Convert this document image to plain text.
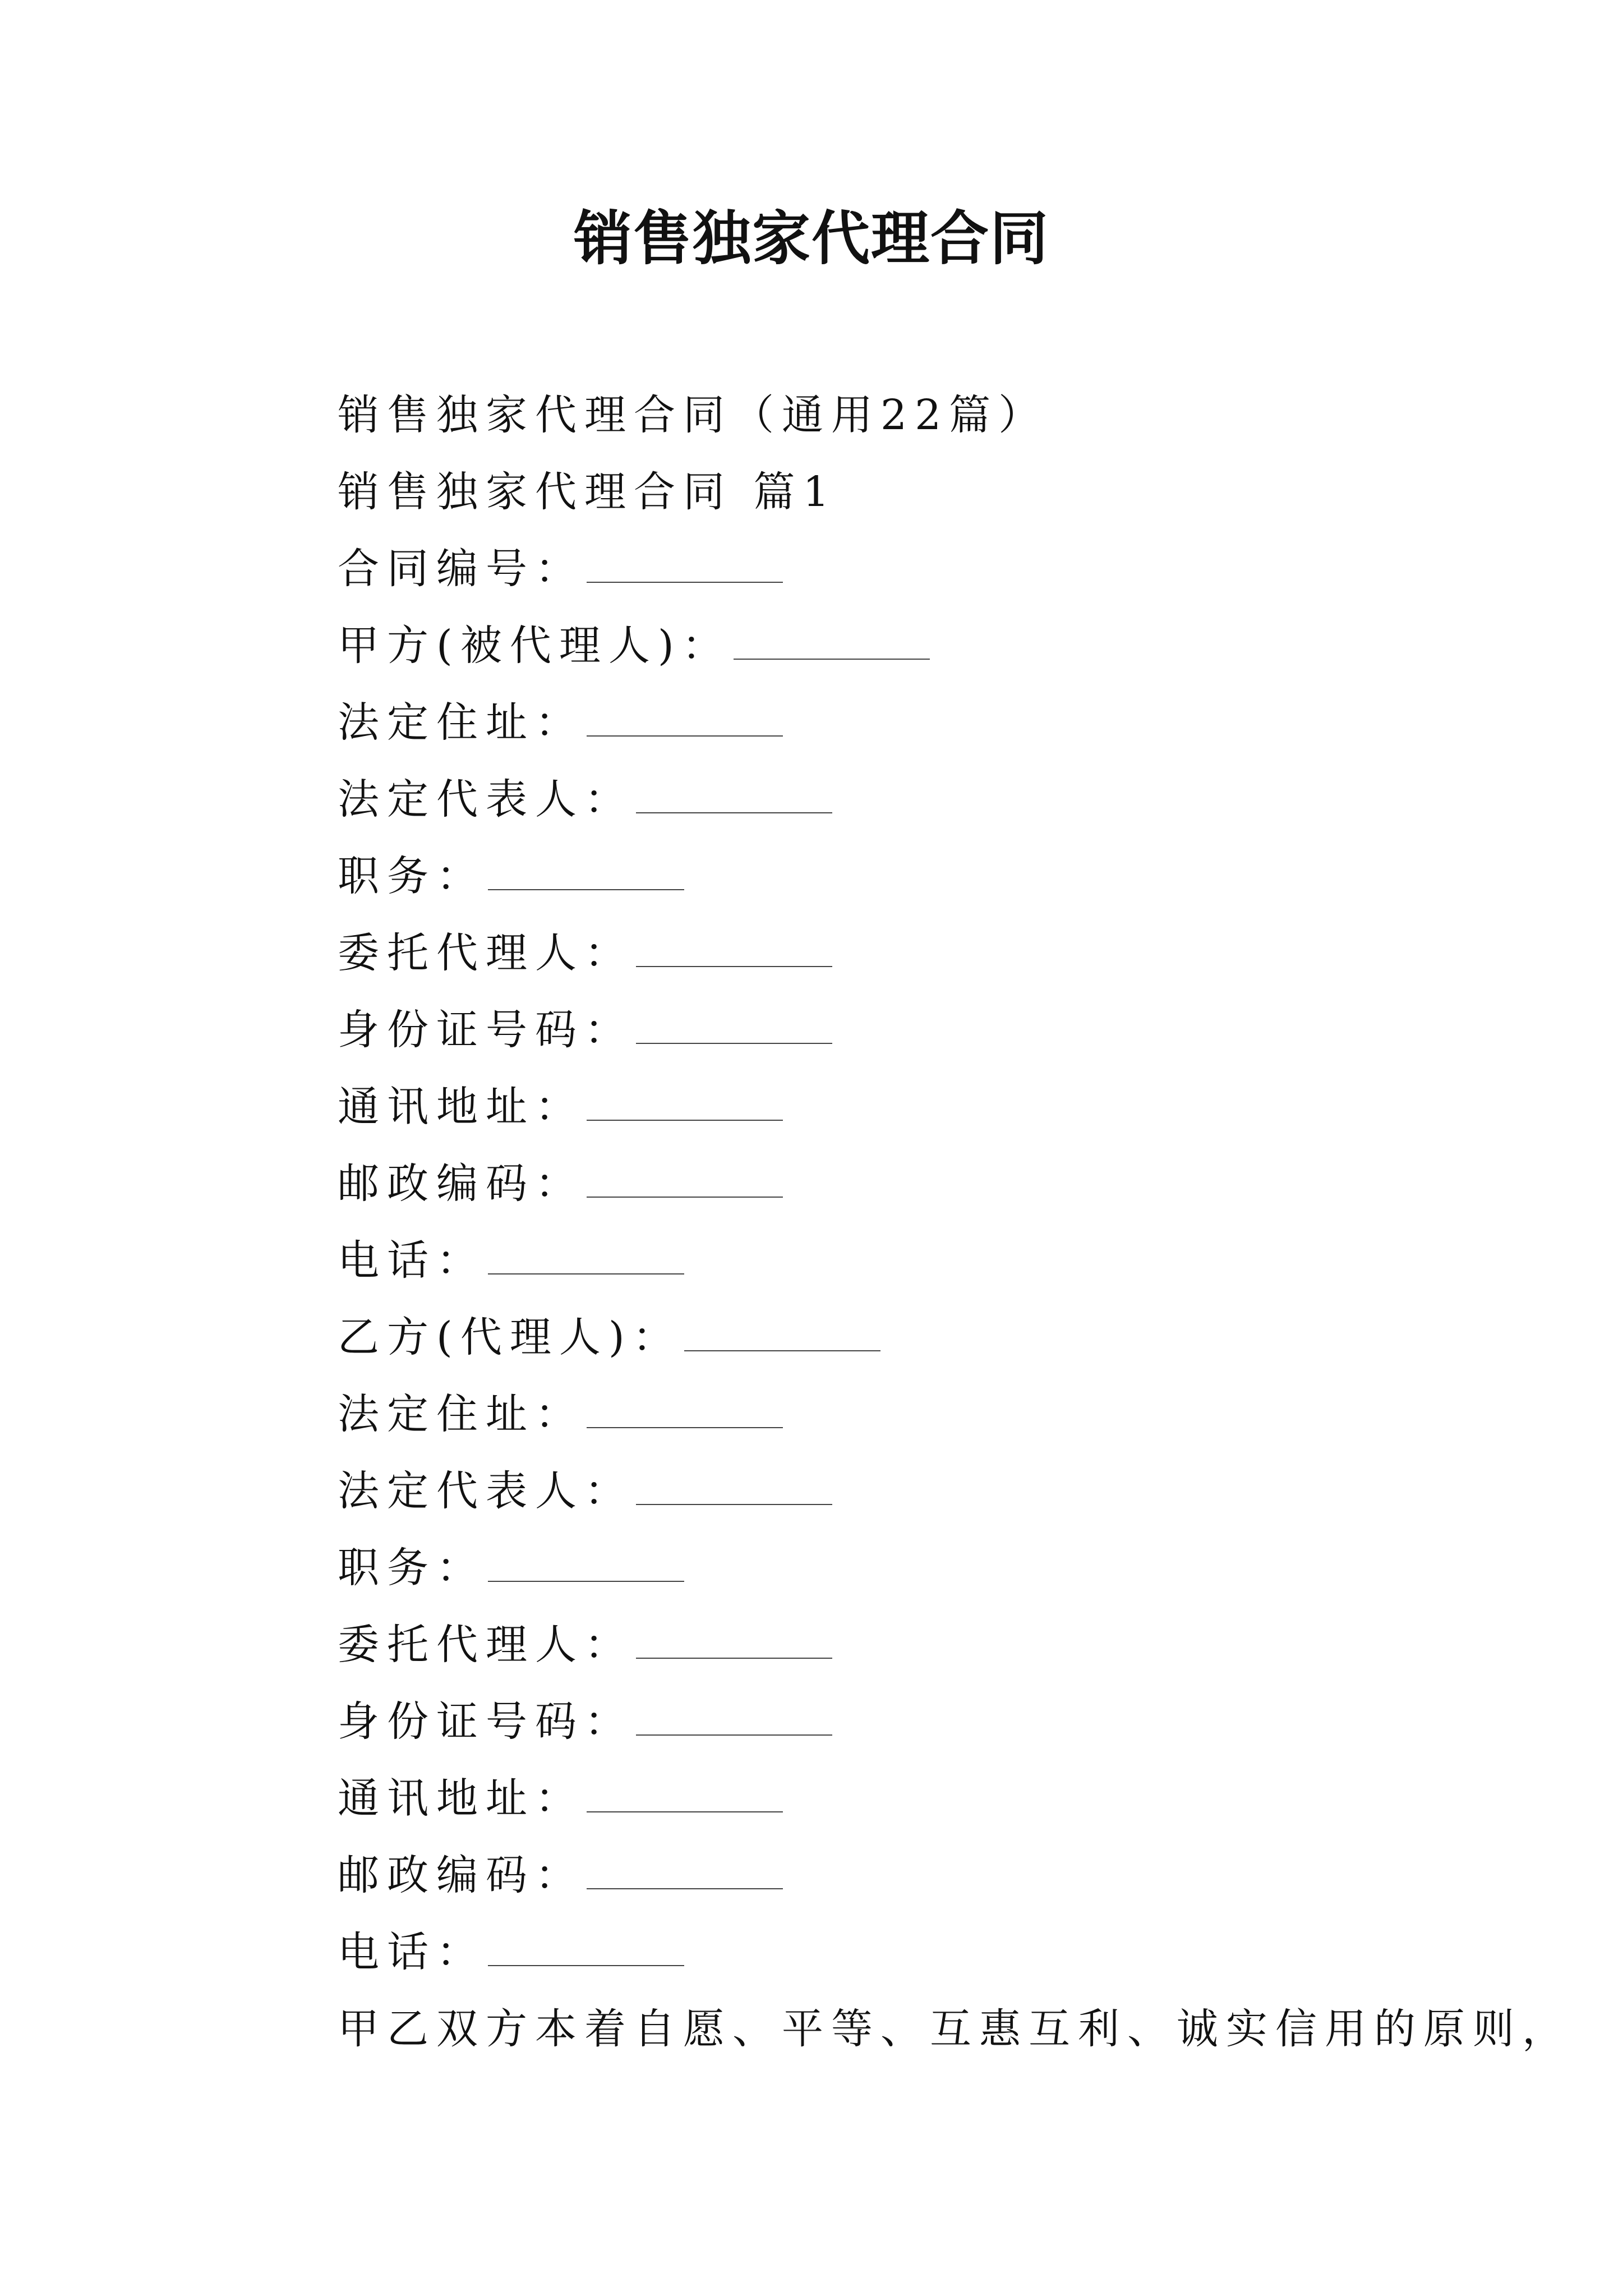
销售独家代理合同
销售独家代理合同（通用22篇）
销售独家代理合同 篇1
合同编号：
甲方(被代理人)：
法定住址：
法定代表人：
职务：
委托代理人：
身份证号码：
通讯地址：
邮政编码：
电话：
乙方(代理人)：
法定住址：
法定代表人：
职务：
委托代理人：
身份证号码：
通讯地址：
邮政编码：
电话：
甲乙双方本着自愿、平等、互惠互利、诚实信用的原则，
